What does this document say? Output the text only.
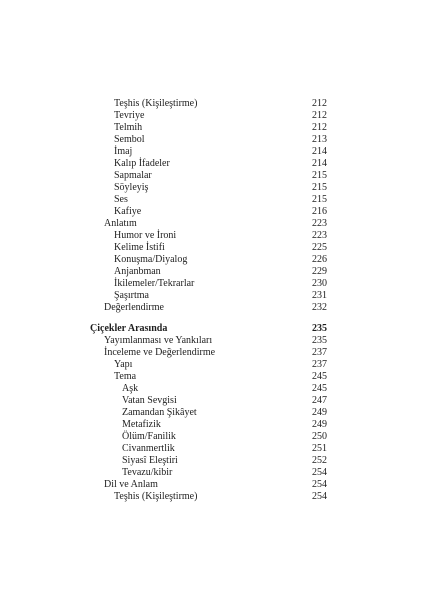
Teşhis (Kişileştirme)	212
Tevriye	212
Telmih	212
Sembol	213
İmaj	214
Kalıp İfadeler	214
Sapmalar	215
Söyleyiş	215
Ses	215
Kafiye	216
Anlatım	223
Humor ve İroni	223
Kelime İstifi	225
Konuşma/Diyalog	226
Anjanbman	229
İkilemeler/Tekrarlar	230
Şaşırtma	231
Değerlendirme	232
Çiçekler Arasında	235
Yayımlanması ve Yankıları	235
İnceleme ve Değerlendirme	237
Yapı	237
Tema	245
Aşk	245
Vatan Sevgisi	247
Zamandan Şikâyet	249
Metafizik	249
Ölüm/Fanilik	250
Civanmertlik	251
Siyasî Eleştiri	252
Tevazu/kibir	254
Dil ve Anlam	254
Teşhis (Kişileştirme)	254
